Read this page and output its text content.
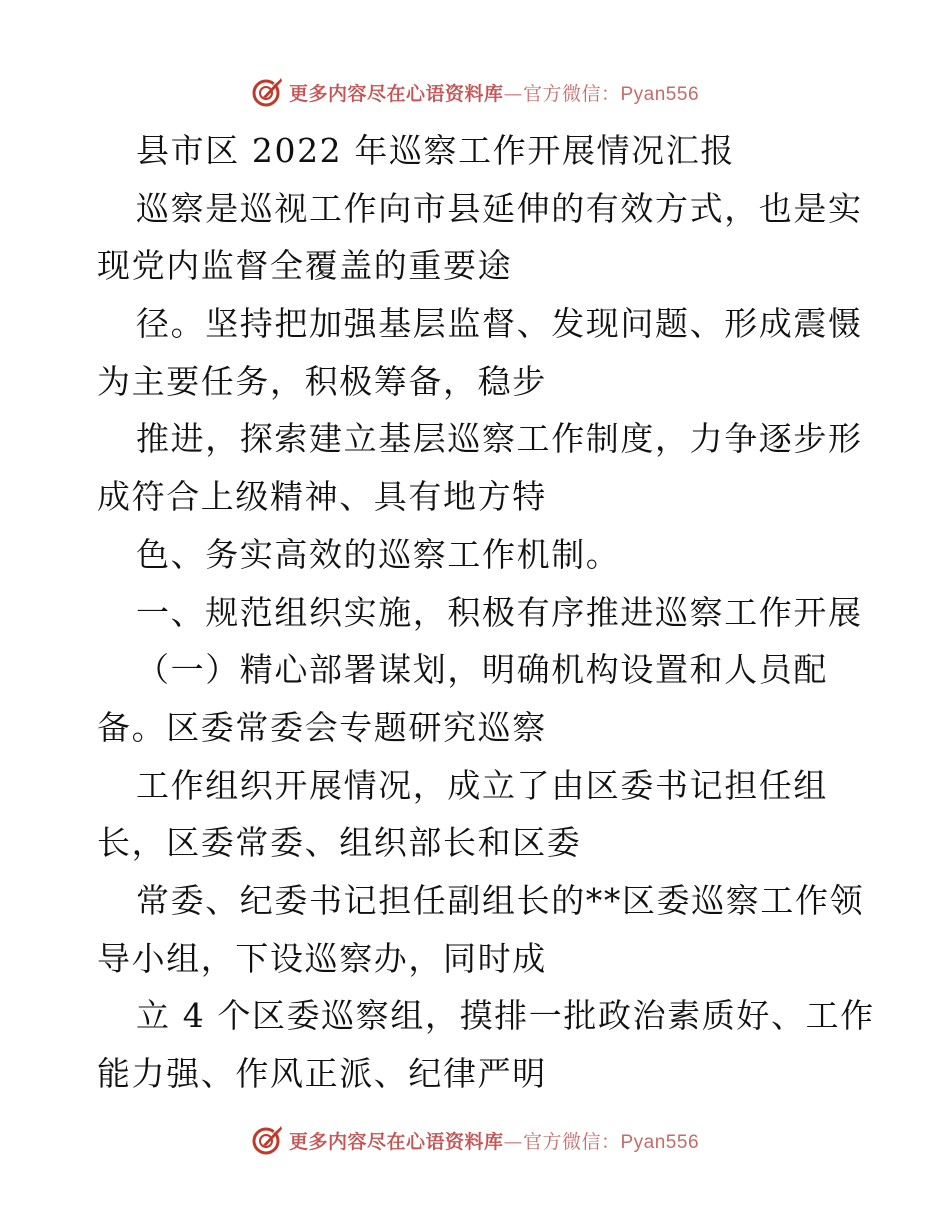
更多内容尽在心语资料库—官方微信：Pyan556
县市区 2022 年巡察工作开展情况汇报
巡察是巡视工作向市县延伸的有效方式，也是实
现党内监督全覆盖的重要途
径。坚持把加强基层监督、发现问题、形成震慑
为主要任务，积极筹备，稳步
推进，探索建立基层巡察工作制度，力争逐步形
成符合上级精神、具有地方特
色、务实高效的巡察工作机制。
一、规范组织实施，积极有序推进巡察工作开展
（一）精心部署谋划，明确机构设置和人员配
备。区委常委会专题研究巡察
工作组织开展情况，成立了由区委书记担任组
长，区委常委、组织部长和区委
常委、纪委书记担任副组长的**区委巡察工作领
导小组，下设巡察办，同时成
立 4 个区委巡察组，摸排一批政治素质好、工作
能力强、作风正派、纪律严明
更多内容尽在心语资料库—官方微信：Pyan556
